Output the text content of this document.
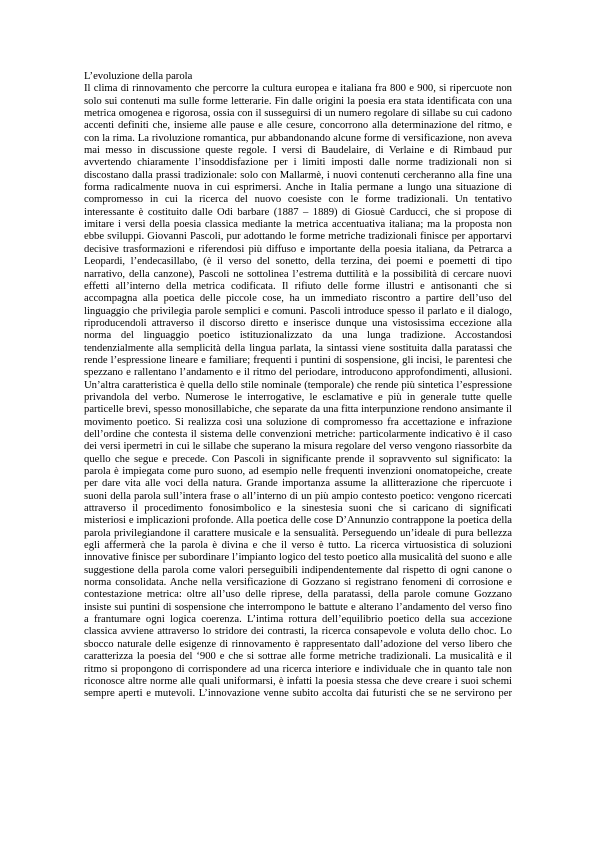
L’evoluzione della parola
Il clima di rinnovamento che percorre la cultura europea e italiana fra 800 e 900, si ripercuote non
solo sui contenuti ma sulle forme letterarie. Fin dalle origini la poesia era stata identificata con una
metrica omogenea e rigorosa, ossia con il susseguirsi di un numero regolare di sillabe su cui cadono
accenti definiti che, insieme alle pause e alle cesure, concorrono alla determinazione del ritmo, e
con la rima. La rivoluzione romantica, pur abbandonando alcune forme di versificazione, non aveva
mai messo in discussione queste regole. I versi di Baudelaire, di Verlaine e di Rimbaud pur
avvertendo chiaramente l’insoddisfazione per i limiti imposti dalle norme tradizionali non si
discostano dalla prassi tradizionale: solo con Mallarmè, i nuovi contenuti cercheranno alla fine una
forma radicalmente nuova in cui esprimersi. Anche in Italia permane a lungo una situazione di
compromesso in cui la ricerca del nuovo coesiste con le forme tradizionali. Un tentativo
interessante è costituito dalle Odi barbare (1887 – 1889) di Giosuè Carducci, che si propose di
imitare i versi della poesia classica mediante la metrica accentuativa italiana; ma la proposta non
ebbe sviluppi. Giovanni Pascoli, pur adottando le forme metriche tradizionali finisce per apportarvi
decisive trasformazioni e riferendosi più diffuso e importante della poesia italiana, da Petrarca a
Leopardi, l’endecasillabo, (è il verso del sonetto, della terzina, dei poemi e poemetti di tipo
narrativo, della canzone), Pascoli ne sottolinea l’estrema duttilità e la possibilità di cercare nuovi
effetti all’interno della metrica codificata. Il rifiuto delle forme illustri e antisonanti che si
accompagna alla poetica delle piccole cose, ha un immediato riscontro a partire dell’uso del
linguaggio che privilegia parole semplici e comuni. Pascoli introduce spesso il parlato e il dialogo,
riproducendoli attraverso il discorso diretto e inserisce dunque una vistosissima eccezione alla
norma del linguaggio poetico istituzionalizzato da una lunga tradizione. Accostandosi
tendenzialmente alla semplicità della lingua parlata, la sintassi viene sostituita dalla paratassi che
rende l’espressione lineare e familiare; frequenti i puntini di sospensione, gli incisi, le parentesi che
spezzano e rallentano l’andamento e il ritmo del periodare, introducono approfondimenti, allusioni.
Un’altra caratteristica è quella dello stile nominale (temporale) che rende più sintetica l’espressione
privandola del verbo. Numerose le interrogative, le esclamative e più in generale tutte quelle
particelle brevi, spesso monosillabiche, che separate da una fitta interpunzione rendono ansimante il
movimento poetico. Si realizza così una soluzione di compromesso fra accettazione e infrazione
dell’ordine che contesta il sistema delle convenzioni metriche: particolarmente indicativo è il caso
dei versi ipermetri in cui le sillabe che superano la misura regolare del verso vengono riassorbite da
quello che segue e precede. Con Pascoli in significante prende il sopravvento sul significato: la
parola è impiegata come puro suono, ad esempio nelle frequenti invenzioni onomatopeiche, create
per dare vita alle voci della natura. Grande importanza assume la allitterazione che ripercuote i
suoni della parola sull’intera frase o all’interno di un più ampio contesto poetico: vengono ricercati
attraverso il procedimento fonosimbolico e la sinestesia suoni che si caricano di significati
misteriosi e implicazioni profonde. Alla poetica delle cose D’Annunzio contrappone la poetica della
parola privilegiandone il carattere musicale e la sensualità. Perseguendo un’ideale di pura bellezza
egli affermerà che la parola è divina e che il verso è tutto. La ricerca virtuosistica di soluzioni
innovative finisce per subordinare l’impianto logico del testo poetico alla musicalità del suono e alle
suggestione della parola come valori perseguibili indipendentemente dal rispetto di ogni canone o
norma consolidata. Anche nella versificazione di Gozzano si registrano fenomeni di corrosione e
contestazione metrica: oltre all’uso delle riprese, della paratassi, della parole comune Gozzano
insiste sui puntini di sospensione che interrompono le battute e alterano l’andamento del verso fino
a frantumare ogni logica coerenza. L’intima rottura dell’equilibrio poetico della sua accezione
classica avviene attraverso lo stridore dei contrasti, la ricerca consapevole e voluta dello choc. Lo
sbocco naturale delle esigenze di rinnovamento è rappresentato dall’adozione del verso libero che
caratterizza la poesia del ‘900 e che si sottrae alle forme metriche tradizionali. La musicalità e il
ritmo si propongono di corrispondere ad una ricerca interiore e individuale che in quanto tale non
riconosce altre norme alle quali uniformarsi, è infatti la poesia stessa che deve creare i suoi schemi
sempre aperti e mutevoli. L’innovazione venne subito accolta dai futuristi che se ne servirono per
